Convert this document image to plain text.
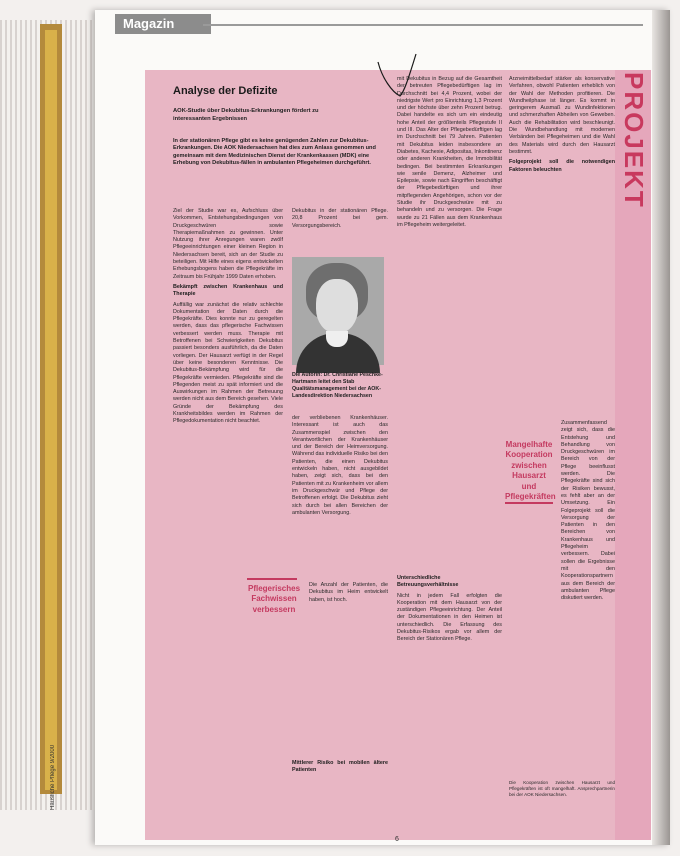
Magazin
PROJEKT
Analyse der Defizite
AOK-Studie über Dekubitus-Erkrankungen fördert zu interessanten Ergebnissen
In der stationären Pflege gibt es keine genügenden Zahlen zur Dekubitus-Erkrankungen. Die AOK Niedersachsen hat dies zum Anlass genommen und gemeinsam mit dem Medizinischen Dienst der Krankenkassen (MDK) eine Erhebung von Dekubitus-fällen in ambulanten Pflegeheimen durchgeführt.

Ziel der Studie war es, Aufschluss über Vorkommen, Entstehungsbedingungen von Druckgeschwüren sowie Therapiemaßnahmen zu gewinnen. Unter Nutzung ihrer Anregungen waren zwölf Pflegeeinrichtungen einer kleinen Region in Niedersachsen bereit, sich an der Studie zu beteiligen. Mit Hilfe eines eigens entwickelten Erhebungsbogens haben die Pflegekräfte im Zeitraum bis Frühjahr 1999 Daten erhoben.

Bekämpft zwischen Krankenhaus und Therapie

Auffällig war zunächst die relativ schlechte Dokumentation der Daten durch die Pflegekräfte. Dies konnte nur zu geregelten werden, dass das pflegerische Fachwissen verbessert werden muss. Therapie mit Betroffenen bei Schwierigkeiten Dekubitus passiert besonders ausführlich, da die Daten vorliegen. Der Hausarzt verfügt in der Regel über keine besonderen Kenntnisse. Die Dekubitus-Bekämpfung wird für die Pflegekräfte vermieden. Pflegekräfte sind die Pflegenden meist zu spät informiert und die Auswirkungen im Rahmen der Betreuung werden nicht aus dem Bereich gesehen. Viele Gründe der Bekämpfung des Krankheitsbildes werden im Rahmen der Pflegedokumentation nicht beachtet.

Dekubitus in der stationären Pflege. 20,8 Prozent bei gem. Versorgungsbereich.

Die Autorin: Dr. Christiane Peschke-Hartmann leitet den Stab Qualitätsmanagement bei der AOK-Landesdirektion Niedersachsen

der verbliebenen Krankenhäuser. Interessant ist auch das Zusammenspiel zwischen den Verantwortlichen der Krankenhäuser und der Bereich der Heimversorgung. Während das individuelle Risiko bei den Patienten, die einen Dekubitus entwickeln haben, nicht ausgebildet haben, zeigt sich, dass bei den Patienten mit zu Krankenheim vor allem im Druckgeschwür und Pflege der Betroffenen erfolgt. Die Dekubitus zieht sich durch bei allen Bereichen der ambulanten Versorgung.

Pflegerisches Fachwissen verbessern

Die Anzahl der Patienten, die Dekubitus im Heim entwickelt haben, ist hoch.

Mittlerer Risiko bei mobilen ältere Patienten

mit Dekubitus in Bezug auf die Gesamtheit der betreuten Pflegebedürftigen lag im Durchschnitt bei 4,4 Prozent, wobei der niedrigste Wert pro Einrichtung 1,3 Prozent und der höchste über zehn Prozent betrug. Dabei handelte es sich um ein eindeutig hohe Anteil der größtenteils Pflegestufe II und III. Das Alter der Pflegebedürftigen lag im Durchschnitt bei 79 Jahren. Patienten mit Dekubitus leiden insbesondere an Diabetes, Kachexie, Adipositas, Inkontinenz oder anderen Krankheiten, die Immobilität bedingen. Bei bestimmten Erkrankungen wie senile Demenz, Alzheimer und Epilepsie, sowie nach Eingriffen beschäftigt der Pflegebedürftigen und ihrer mitpflegenden Angehörigen, schon vor der Studie ihr Druckgeschwüre mit zu behandeln und zu versorgen. Die Frage wurde zu 21 Fällen aus dem Krankenhaus im Pflegeheim weitergeleitet.

Unterschiedliche Betreuungsverhältnisse

Nicht in jedem Fall erfolgten die Kooperation mit dem Hausarzt von der zuständigen Pflegeeinrichtung. Der Anteil der Dokumentationen in den Heimen ist unterschiedlich. Die Erfassung des Dekubitus-Risikos ergab vor allem der Bereich der Stationären Pflege.

Mangelhafte Kooperation zwischen Hausarzt und Pflegekräften

Arzneimittelbedarf stärker als konservative Verfahren, obwohl Patienten erheblich von der Wahl der Methoden profitieren. Die Wundheilphase ist länger. Es kommt in geringerem Ausmaß zu Wundinfektionen und schmerzhaften Abheilen von Geweben. Auch die Rehabilitation wird beschleunigt. Die Wundbehandlung mit modernen Verbänden bei Pflegeheimen und die Wahl des Materials wird durch den Hausarzt bestimmt.

Folgeprojekt soll die notwendigen Faktoren beleuchten

Zusammenfassend zeigt sich, dass die Entstehung und Behandlung von Druckgeschwüren im Bereich von der Pflege beeinflusst werden. Die Pflegekräfte sind sich der Risiken bewusst, es fehlt aber an der Umsetzung. Ein Folgeprojekt soll die Versorgung der Patienten in den Bereichen von Krankenhaus und Pflegeheim verbessern. Dabei sollen die Ergebnisse mit den Kooperationspartnern aus dem Bereich der ambulanten Pflege diskutiert werden.

Die Kooperation zwischen Hausarzt und Pflegekräften ist oft mangelhaft. Ansprechpartnerin bei der AOK Niedersachsen.
6
Häusliche Pflege 9/2000
